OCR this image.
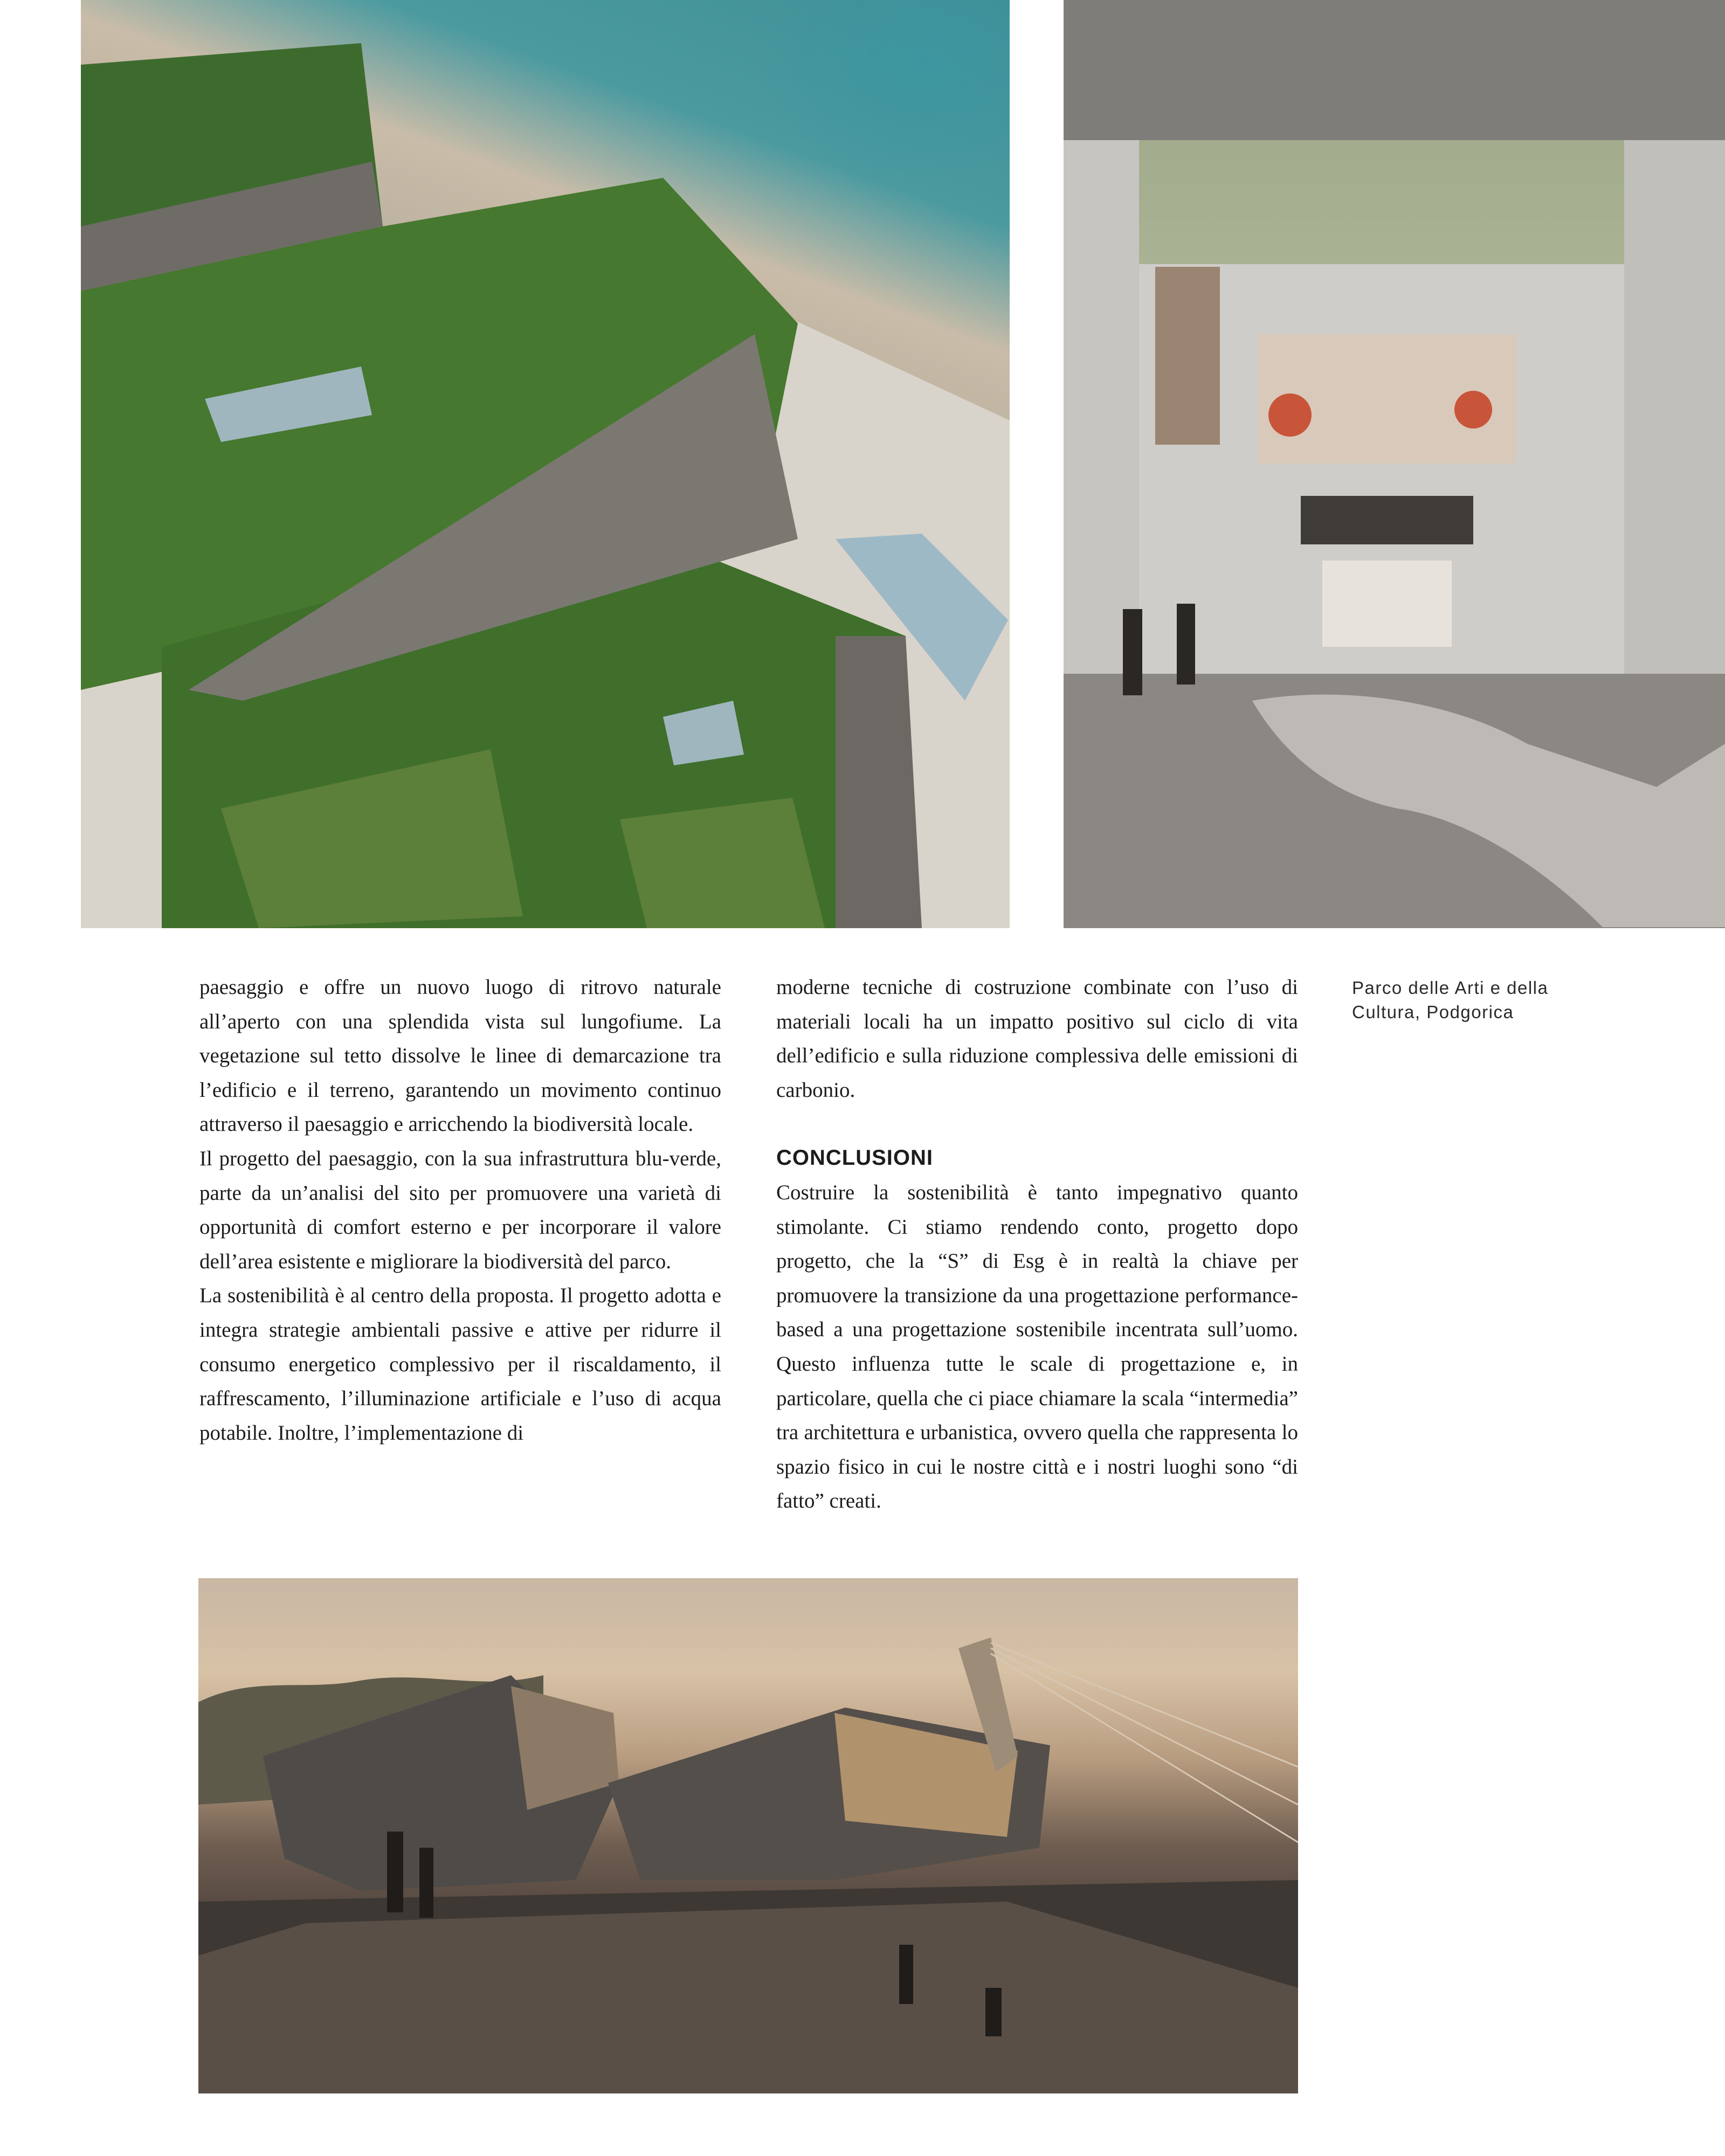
paesaggio e offre un nuovo luogo di ritrovo naturale all’aperto con una splendida vista sul lungofiume. La vegetazione sul tetto dissolve le linee di demarcazione tra l’edificio e il terreno, garantendo un movimento continuo attraverso il paesaggio e arricchendo la biodiversità locale.

Il progetto del paesaggio, con la sua infrastruttura blu-verde, parte da un’analisi del sito per promuovere una varietà di opportunità di comfort esterno e per incorporare il valore dell’area esistente e migliorare la biodiversità del parco.

La sostenibilità è al centro della proposta. Il progetto adotta e integra strategie ambientali passive e attive per ridurre il consumo energetico complessivo per il riscaldamento, il raffrescamento, l’illuminazione artificiale e l’uso di acqua potabile. Inoltre, l’implementazione di

moderne tecniche di costruzione combinate con l’uso di materiali locali ha un impatto positivo sul ciclo di vita dell’edificio e sulla riduzione complessiva delle emissioni di carbonio.

CONCLUSIONI

Costruire la sostenibilità è tanto impegnativo quanto stimolante. Ci stiamo rendendo conto, progetto dopo progetto, che la “S” di Esg è in realtà la chiave per promuovere la transizione da una progettazione performance-based a una progettazione sostenibile incentrata sull’uomo. Questo influenza tutte le scale di progettazione e, in particolare, quella che ci piace chiamare la scala “intermedia” tra architettura e urbanistica, ovvero quella che rappresenta lo spazio fisico in cui le nostre città e i nostri luoghi sono “di fatto” creati.

Parco delle Arti e della Cultura, Podgorica
